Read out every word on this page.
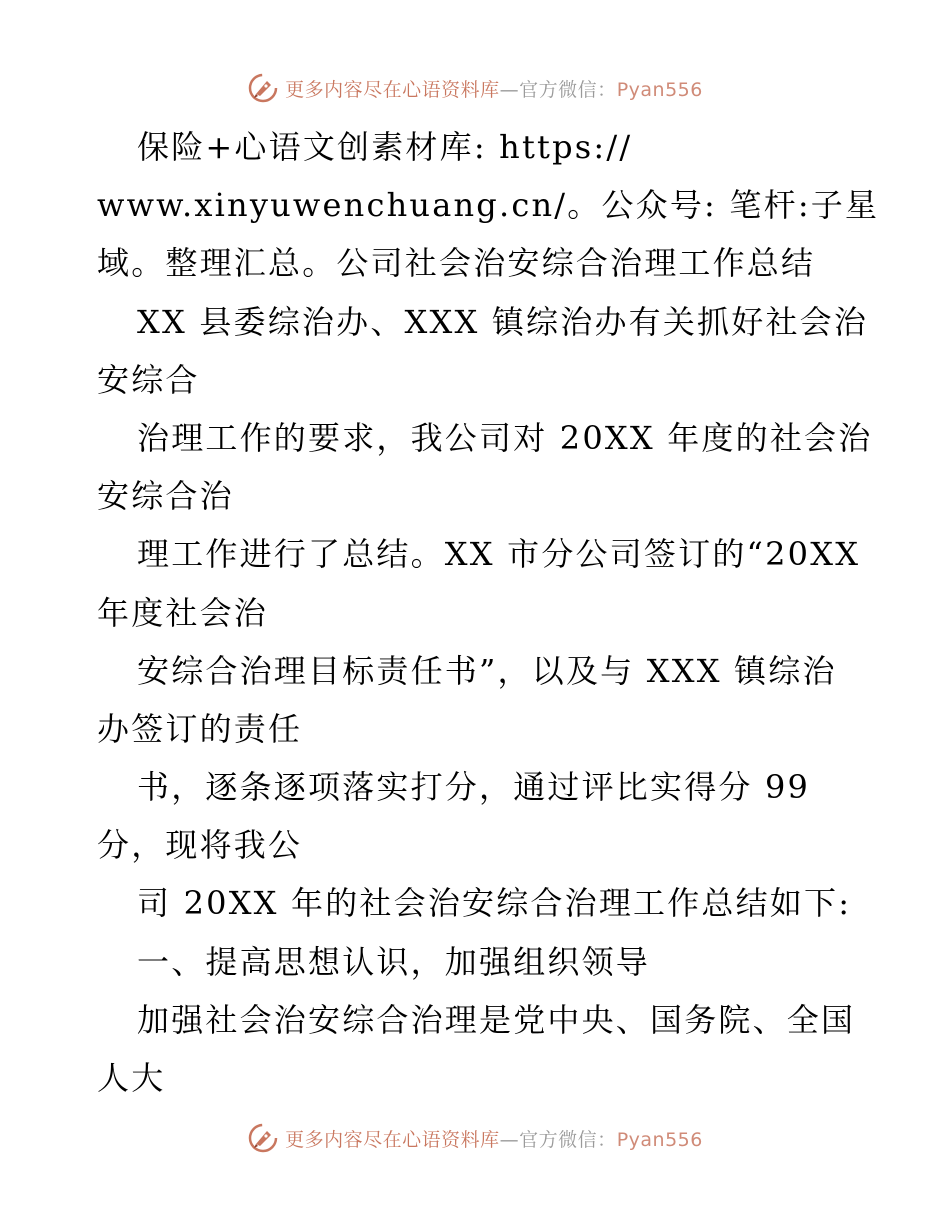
更多内容尽在心语资料库—官方微信：Pyan556
保险+心语文创素材库: https://
www.xinyuwenchuang.cn/。公众号: 笔杆:子星
域。整理汇总。公司社会治安综合治理工作总结
XX 县委综治办、XXX 镇综治办有关抓好社会治
安综合
治理工作的要求，我公司对 20XX 年度的社会治
安综合治
理工作进行了总结。XX 市分公司签订的“20XX
年度社会治
安综合治理目标责任书”，以及与 XXX 镇综治
办签订的责任
书，逐条逐项落实打分，通过评比实得分 99
分，现将我公
司 20XX 年的社会治安综合治理工作总结如下:
一、提高思想认识，加强组织领导
加强社会治安综合治理是党中央、国务院、全国
人大
更多内容尽在心语资料库—官方微信：Pyan556
